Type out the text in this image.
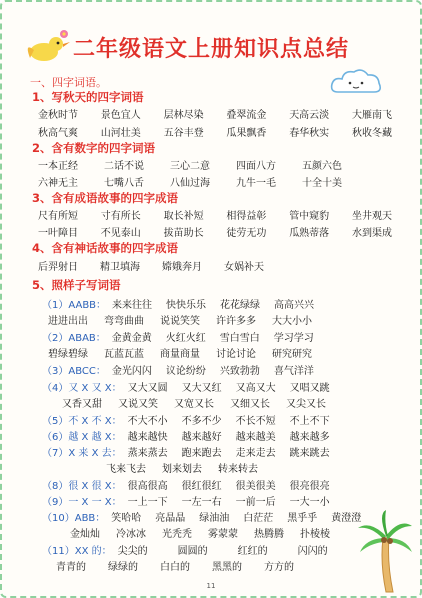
二年级语文上册知识点总结
一、四字词语。
1、写秋天的四字词语
金秋时节 景色宜人 层林尽染 叠翠流金 天高云淡 大雁南飞
秋高气爽 山河壮美 五谷丰登 瓜果飘香 春华秋实 秋收冬藏
2、含有数字的四字词语
一本正经	二话不说	三心二意	四面八方	五颜六色
六神无主	七嘴八舌	八仙过海	九牛一毛	十全十美
3、含有成语故事的四字成语
尺有所短 寸有所长 取长补短 相得益彰 管中窥豹 坐井观天
一叶障目 不见泰山 拔苗助长 徒劳无功 瓜熟蒂落 水到渠成
4、含有神话故事的四字成语
后羿射日 精卫填海 嫦娥奔月 女娲补天
5、照样子写词语
（1）AABB： 来来往往 快快乐乐 花花绿绿 高高兴兴
进进出出 弯弯曲曲 说说笑笑 许许多多 大大小小
（2）ABAB： 金黄金黄 火红火红 雪白雪白 学习学习
碧绿碧绿 瓦蓝瓦蓝 商量商量 讨论讨论 研究研究
（3）ABCC： 金光闪闪 议论纷纷 兴致勃勃 喜气洋洋
（4）又 X 又 X： 又大又圆 又大又红 又高又大 又唱又跳
又香又甜 又说又笑 又宽又长 又细又长 又尖又长
（5）不 X 不 X： 不大不小 不多不少 不长不短 不上不下
（6）越 X 越 X： 越来越快 越来越好 越来越美 越来越多
（7）X 来 X 去： 蒸来蒸去 跑来跑去 走来走去 跳来跳去
飞来飞去 划来划去 转来转去
（8）很 X 很 X： 很高很高 很红很红 很美很美 很亮很亮
（9）一 X 一 X： 一上一下 一左一右 一前一后 一大一小
（10）ABB： 笑哈哈 亮晶晶 绿油油 白茫茫 黑乎乎 黄澄澄
金灿灿 冷冰冰 光秃秃 雾蒙蒙 热腾腾 扑棱棱
（11）XX 的： 尖尖的	圆圆的	红红的	闪闪的
青青的 绿绿的 白白的 黑黑的 方方的
11
